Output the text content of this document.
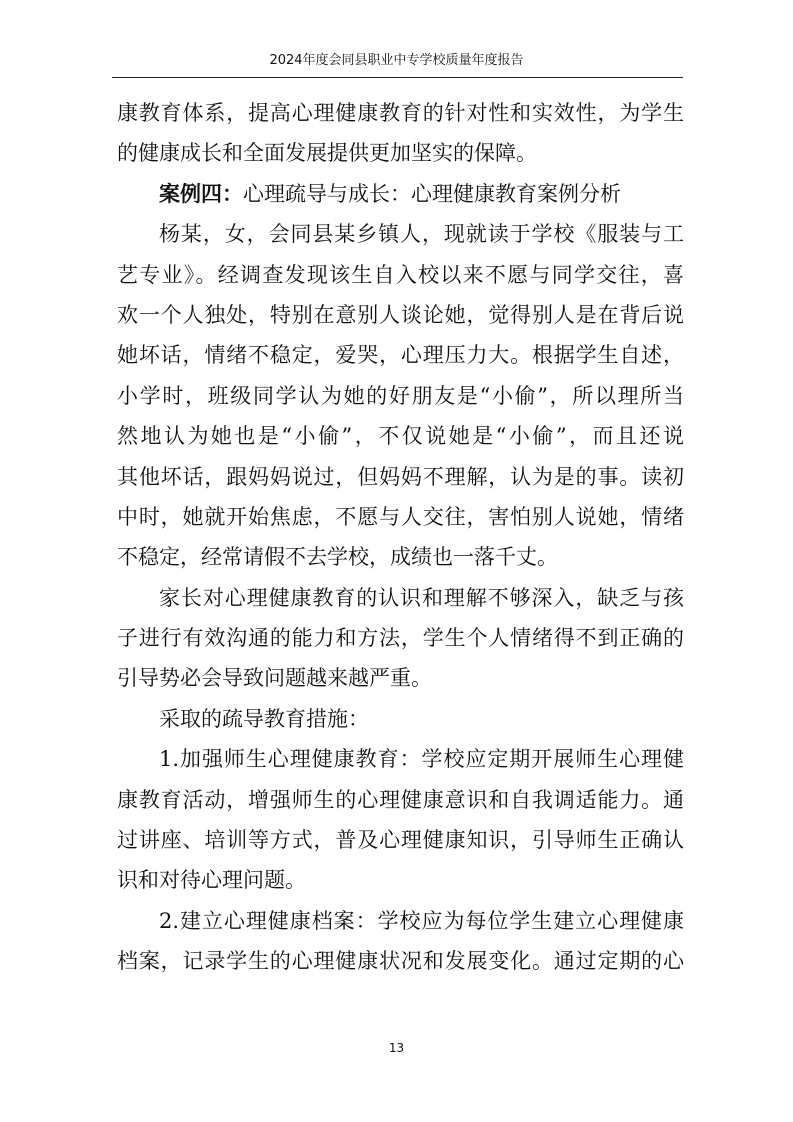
2024年度会同县职业中专学校质量年度报告
康教育体系，提高心理健康教育的针对性和实效性，为学生
的健康成长和全面发展提供更加坚实的保障。
案例四：心理疏导与成长：心理健康教育案例分析
杨某，女，会同县某乡镇人，现就读于学校《服装与工
艺专业》。经调查发现该生自入校以来不愿与同学交往，喜
欢一个人独处，特别在意别人谈论她，觉得别人是在背后说
她坏话，情绪不稳定，爱哭，心理压力大。根据学生自述，
小学时，班级同学认为她的好朋友是“小偷”，所以理所当
然地认为她也是“小偷”，不仅说她是“小偷”，而且还说
其他坏话，跟妈妈说过，但妈妈不理解，认为是的事。读初
中时，她就开始焦虑，不愿与人交往，害怕别人说她，情绪
不稳定，经常请假不去学校，成绩也一落千丈。
家长对心理健康教育的认识和理解不够深入，缺乏与孩
子进行有效沟通的能力和方法，学生个人情绪得不到正确的
引导势必会导致问题越来越严重。
采取的疏导教育措施：
1.加强师生心理健康教育：学校应定期开展师生心理健
康教育活动，增强师生的心理健康意识和自我调适能力。通
过讲座、培训等方式，普及心理健康知识，引导师生正确认
识和对待心理问题。
2.建立心理健康档案：学校应为每位学生建立心理健康
档案，记录学生的心理健康状况和发展变化。通过定期的心
13
